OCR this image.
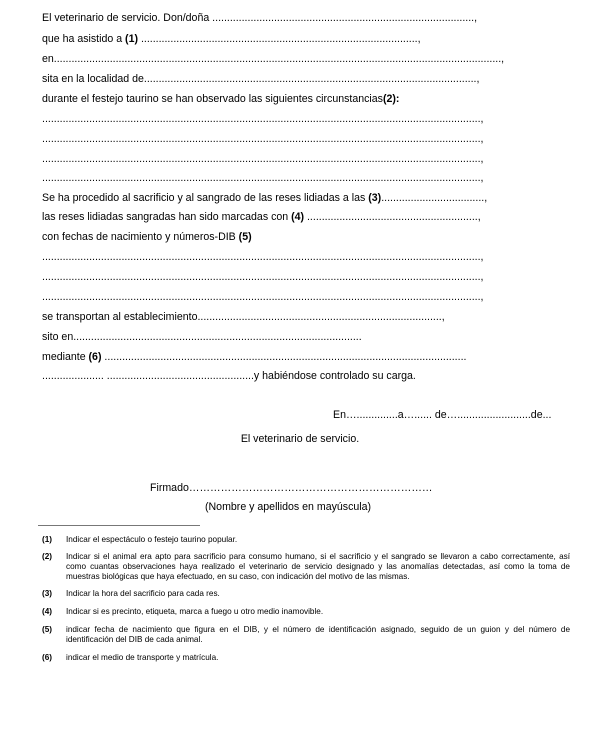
El veterinario de servicio. Don/doña .........................................................................................,
que ha asistido a (1) ..............................................................................................,
en........................................................................................................................................................,
sita en la localidad de.................................................................................................................,
durante el festejo taurino se han observado las siguientes circunstancias(2):
.....................................................................................................................................................,
.....................................................................................................................................................,
.....................................................................................................................................................,
.....................................................................................................................................................,
Se ha procedido al sacrificio y al sangrado de las reses lidiadas a las (3)...................................,
las reses lidiadas sangradas han sido marcadas con (4) ..........................................................,
con fechas de nacimiento y números-DIB (5)
.....................................................................................................................................................,
.....................................................................................................................................................,
.....................................................................................................................................................,
se transportan al establecimiento...................................................................................,
sito en..................................................................................................
mediante (6) ...........................................................................................................................
..................... ..................................................y habiéndose controlado su carga.
En…..............a…...... de….........................de...
El veterinario de servicio.
Firmado……………………………………………………………
(Nombre y apellidos en mayúscula)
(1)	Indicar el espectáculo o festejo taurino popular.
(2)	Indicar si el animal era apto para sacrificio para consumo humano, si el sacrificio y el sangrado se llevaron a cabo correctamente, así como cuantas observaciones haya realizado el veterinario de servicio designado y las anomalías detectadas, así como la toma de muestras biológicas que haya efectuado, en su caso, con indicación del motivo de las mismas.
(3)	Indicar la hora del sacrificio para cada res.
(4)	Indicar si es precinto, etiqueta, marca a fuego u otro medio inamovible.
(5)	indicar fecha de nacimiento que figura en el DIB, y el número de identificación asignado, seguido de un guion y del número de identificación del DIB de cada animal.
(6)	indicar el medio de transporte y matrícula.
